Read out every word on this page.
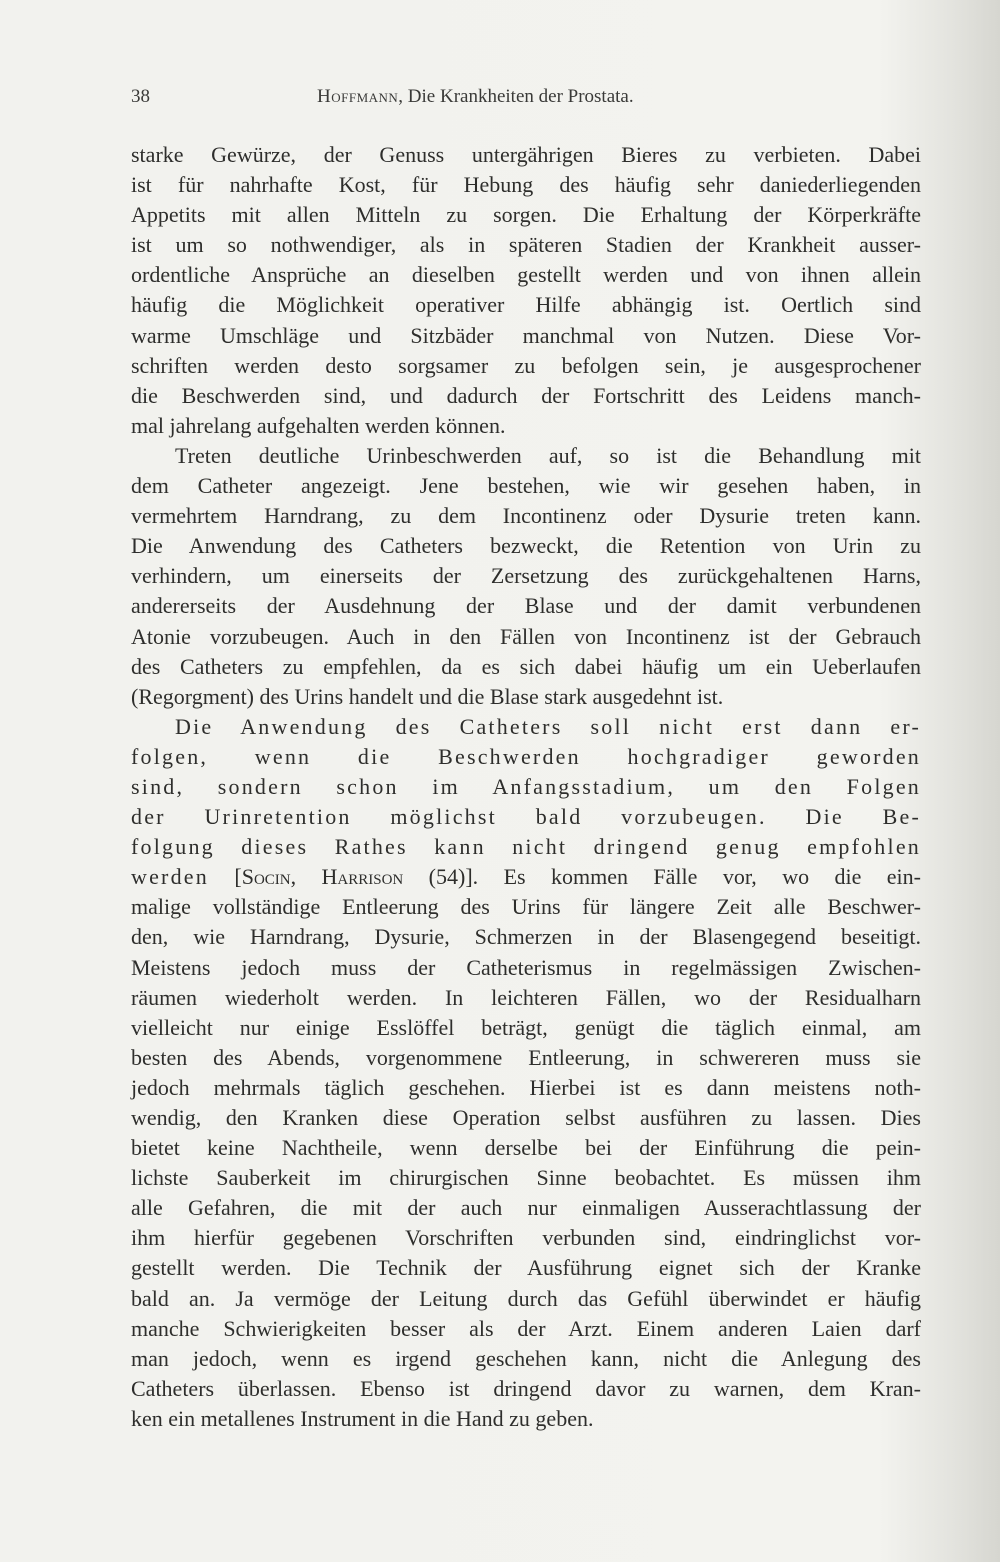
38	Hoffmann, Die Krankheiten der Prostata.
starke Gewürze, der Genuss untergährigen Bieres zu verbieten. Dabei
ist für nahrhafte Kost, für Hebung des häufig sehr daniederliegenden
Appetits mit allen Mitteln zu sorgen. Die Erhaltung der Körperkräfte
ist um so nothwendiger, als in späteren Stadien der Krankheit ausser-
ordentliche Ansprüche an dieselben gestellt werden und von ihnen allein
häufig die Möglichkeit operativer Hilfe abhängig ist. Oertlich sind
warme Umschläge und Sitzbäder manchmal von Nutzen. Diese Vor-
schriften werden desto sorgsamer zu befolgen sein, je ausgesprochener
die Beschwerden sind, und dadurch der Fortschritt des Leidens manch-
mal jahrelang aufgehalten werden können.
Treten deutliche Urinbeschwerden auf, so ist die Behandlung mit
dem Catheter angezeigt. Jene bestehen, wie wir gesehen haben, in
vermehrtem Harndrang, zu dem Incontinenz oder Dysurie treten kann.
Die Anwendung des Catheters bezweckt, die Retention von Urin zu
verhindern, um einerseits der Zersetzung des zurückgehaltenen Harns,
andererseits der Ausdehnung der Blase und der damit verbundenen
Atonie vorzubeugen. Auch in den Fällen von Incontinenz ist der Gebrauch
des Catheters zu empfehlen, da es sich dabei häufig um ein Ueberlaufen
(Regorgment) des Urins handelt und die Blase stark ausgedehnt ist.
Die Anwendung des Catheters soll nicht erst dann er-
folgen, wenn die Beschwerden hochgradiger geworden
sind, sondern schon im Anfangsstadium, um den Folgen
der Urinretention möglichst bald vorzubeugen. Die Be-
folgung dieses Rathes kann nicht dringend genug empfohlen
werden [Socin, Harrison (54)]. Es kommen Fälle vor, wo die ein-
malige vollständige Entleerung des Urins für längere Zeit alle Beschwer-
den, wie Harndrang, Dysurie, Schmerzen in der Blasengegend beseitigt.
Meistens jedoch muss der Catheterismus in regelmässigen Zwischen-
räumen wiederholt werden. In leichteren Fällen, wo der Residualharn
vielleicht nur einige Esslöffel beträgt, genügt die täglich einmal, am
besten des Abends, vorgenommene Entleerung, in schwereren muss sie
jedoch mehrmals täglich geschehen. Hierbei ist es dann meistens noth-
wendig, den Kranken diese Operation selbst ausführen zu lassen. Dies
bietet keine Nachtheile, wenn derselbe bei der Einführung die pein-
lichste Sauberkeit im chirurgischen Sinne beobachtet. Es müssen ihm
alle Gefahren, die mit der auch nur einmaligen Ausserachtlassung der
ihm hierfür gegebenen Vorschriften verbunden sind, eindringlichst vor-
gestellt werden. Die Technik der Ausführung eignet sich der Kranke
bald an. Ja vermöge der Leitung durch das Gefühl überwindet er häufig
manche Schwierigkeiten besser als der Arzt. Einem anderen Laien darf
man jedoch, wenn es irgend geschehen kann, nicht die Anlegung des
Catheters überlassen. Ebenso ist dringend davor zu warnen, dem Kran-
ken ein metallenes Instrument in die Hand zu geben.
